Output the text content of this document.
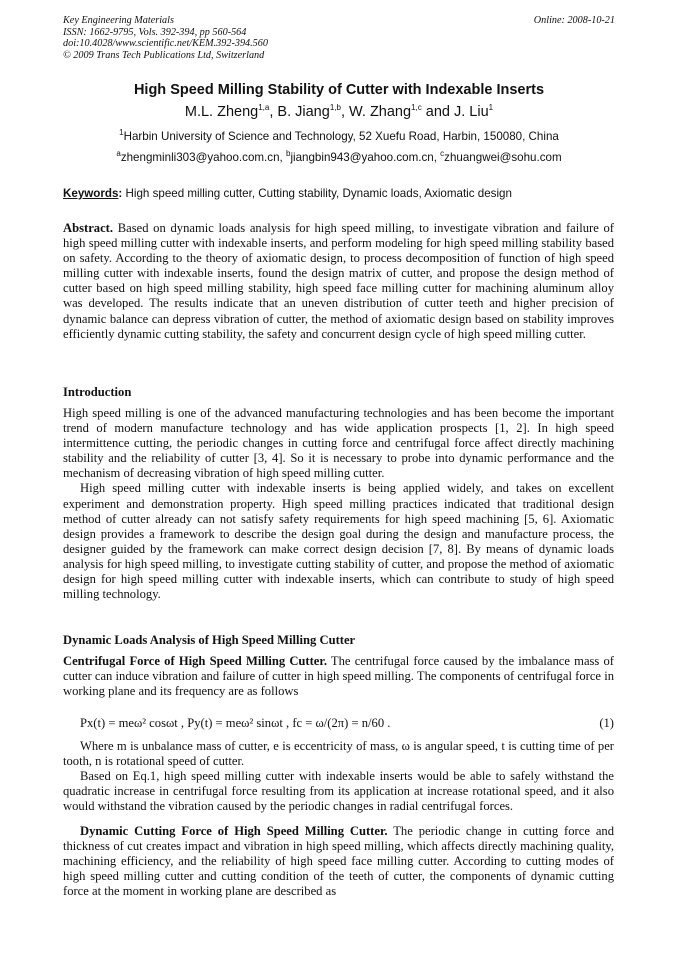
Key Engineering Materials
ISSN: 1662-9795, Vols. 392-394, pp 560-564
doi:10.4028/www.scientific.net/KEM.392-394.560
© 2009 Trans Tech Publications Ltd, Switzerland
Online: 2008-10-21
High Speed Milling Stability of Cutter with Indexable Inserts
M.L. Zheng$^{1,a}$, B. Jiang$^{1,b}$, W. Zhang$^{1,c}$ and J. Liu$^1$
$^1$Harbin University of Science and Technology, 52 Xuefu Road, Harbin, 150080, China
$^a$zhengminli303@yahoo.com.cn, $^b$jiangbin943@yahoo.com.cn, $^c$zhuangwei@sohu.com
Keywords: High speed milling cutter, Cutting stability, Dynamic loads, Axiomatic design

Abstract. Based on dynamic loads analysis for high speed milling, to investigate vibration and failure of high speed milling cutter with indexable inserts, and perform modeling for high speed milling stability based on safety. According to the theory of axiomatic design, to process decomposition of function of high speed milling cutter with indexable inserts, found the design matrix of cutter, and propose the design method of cutter based on high speed milling stability, high speed face milling cutter for machining aluminum alloy was developed. The results indicate that an uneven distribution of cutter teeth and higher precision of dynamic balance can depress vibration of cutter, the method of axiomatic design based on stability improves efficiently dynamic cutting stability, the safety and concurrent design cycle of high speed milling cutter.

Introduction

High speed milling is one of the advanced manufacturing technologies and has been become the important trend of modern manufacture technology and has wide application prospects [1, 2]. In high speed intermittence cutting, the periodic changes in cutting force and centrifugal force affect directly machining stability and the reliability of cutter [3, 4]. So it is necessary to probe into dynamic performance and the mechanism of decreasing vibration of high speed milling cutter.

High speed milling cutter with indexable inserts is being applied widely, and takes on excellent experiment and demonstration property. High speed milling practices indicated that traditional design method of cutter already can not satisfy safety requirements for high speed machining [5, 6]. Axiomatic design provides a framework to describe the design goal during the design and manufacture process, the designer guided by the framework can make correct design decision [7, 8]. By means of dynamic loads analysis for high speed milling, to investigate cutting stability of cutter, and propose the method of axiomatic design for high speed milling cutter with indexable inserts, which can contribute to study of high speed milling technology.

Dynamic Loads Analysis of High Speed Milling Cutter

Centrifugal Force of High Speed Milling Cutter. The centrifugal force caused by the imbalance mass of cutter can induce vibration and failure of cutter in high speed milling. The components of centrifugal force in working plane and its frequency are as follows

Px(t) = meω² cosωt , Py(t) = meω² sinωt , fc = ω/(2π) = n/60 .	(1)

Where m is unbalance mass of cutter, e is eccentricity of mass, ω is angular speed, t is cutting time of per tooth, n is rotational speed of cutter.

Based on Eq.1, high speed milling cutter with indexable inserts would be able to safely withstand the quadratic increase in centrifugal force resulting from its application at increase rotational speed, and it also would withstand the vibration caused by the periodic changes in radial centrifugal forces.

Dynamic Cutting Force of High Speed Milling Cutter. The periodic change in cutting force and thickness of cut creates impact and vibration in high speed milling, which affects directly machining quality, machining efficiency, and the reliability of high speed face milling cutter. According to cutting modes of high speed milling cutter and cutting condition of the teeth of cutter, the components of dynamic cutting force at the moment in working plane are described as
